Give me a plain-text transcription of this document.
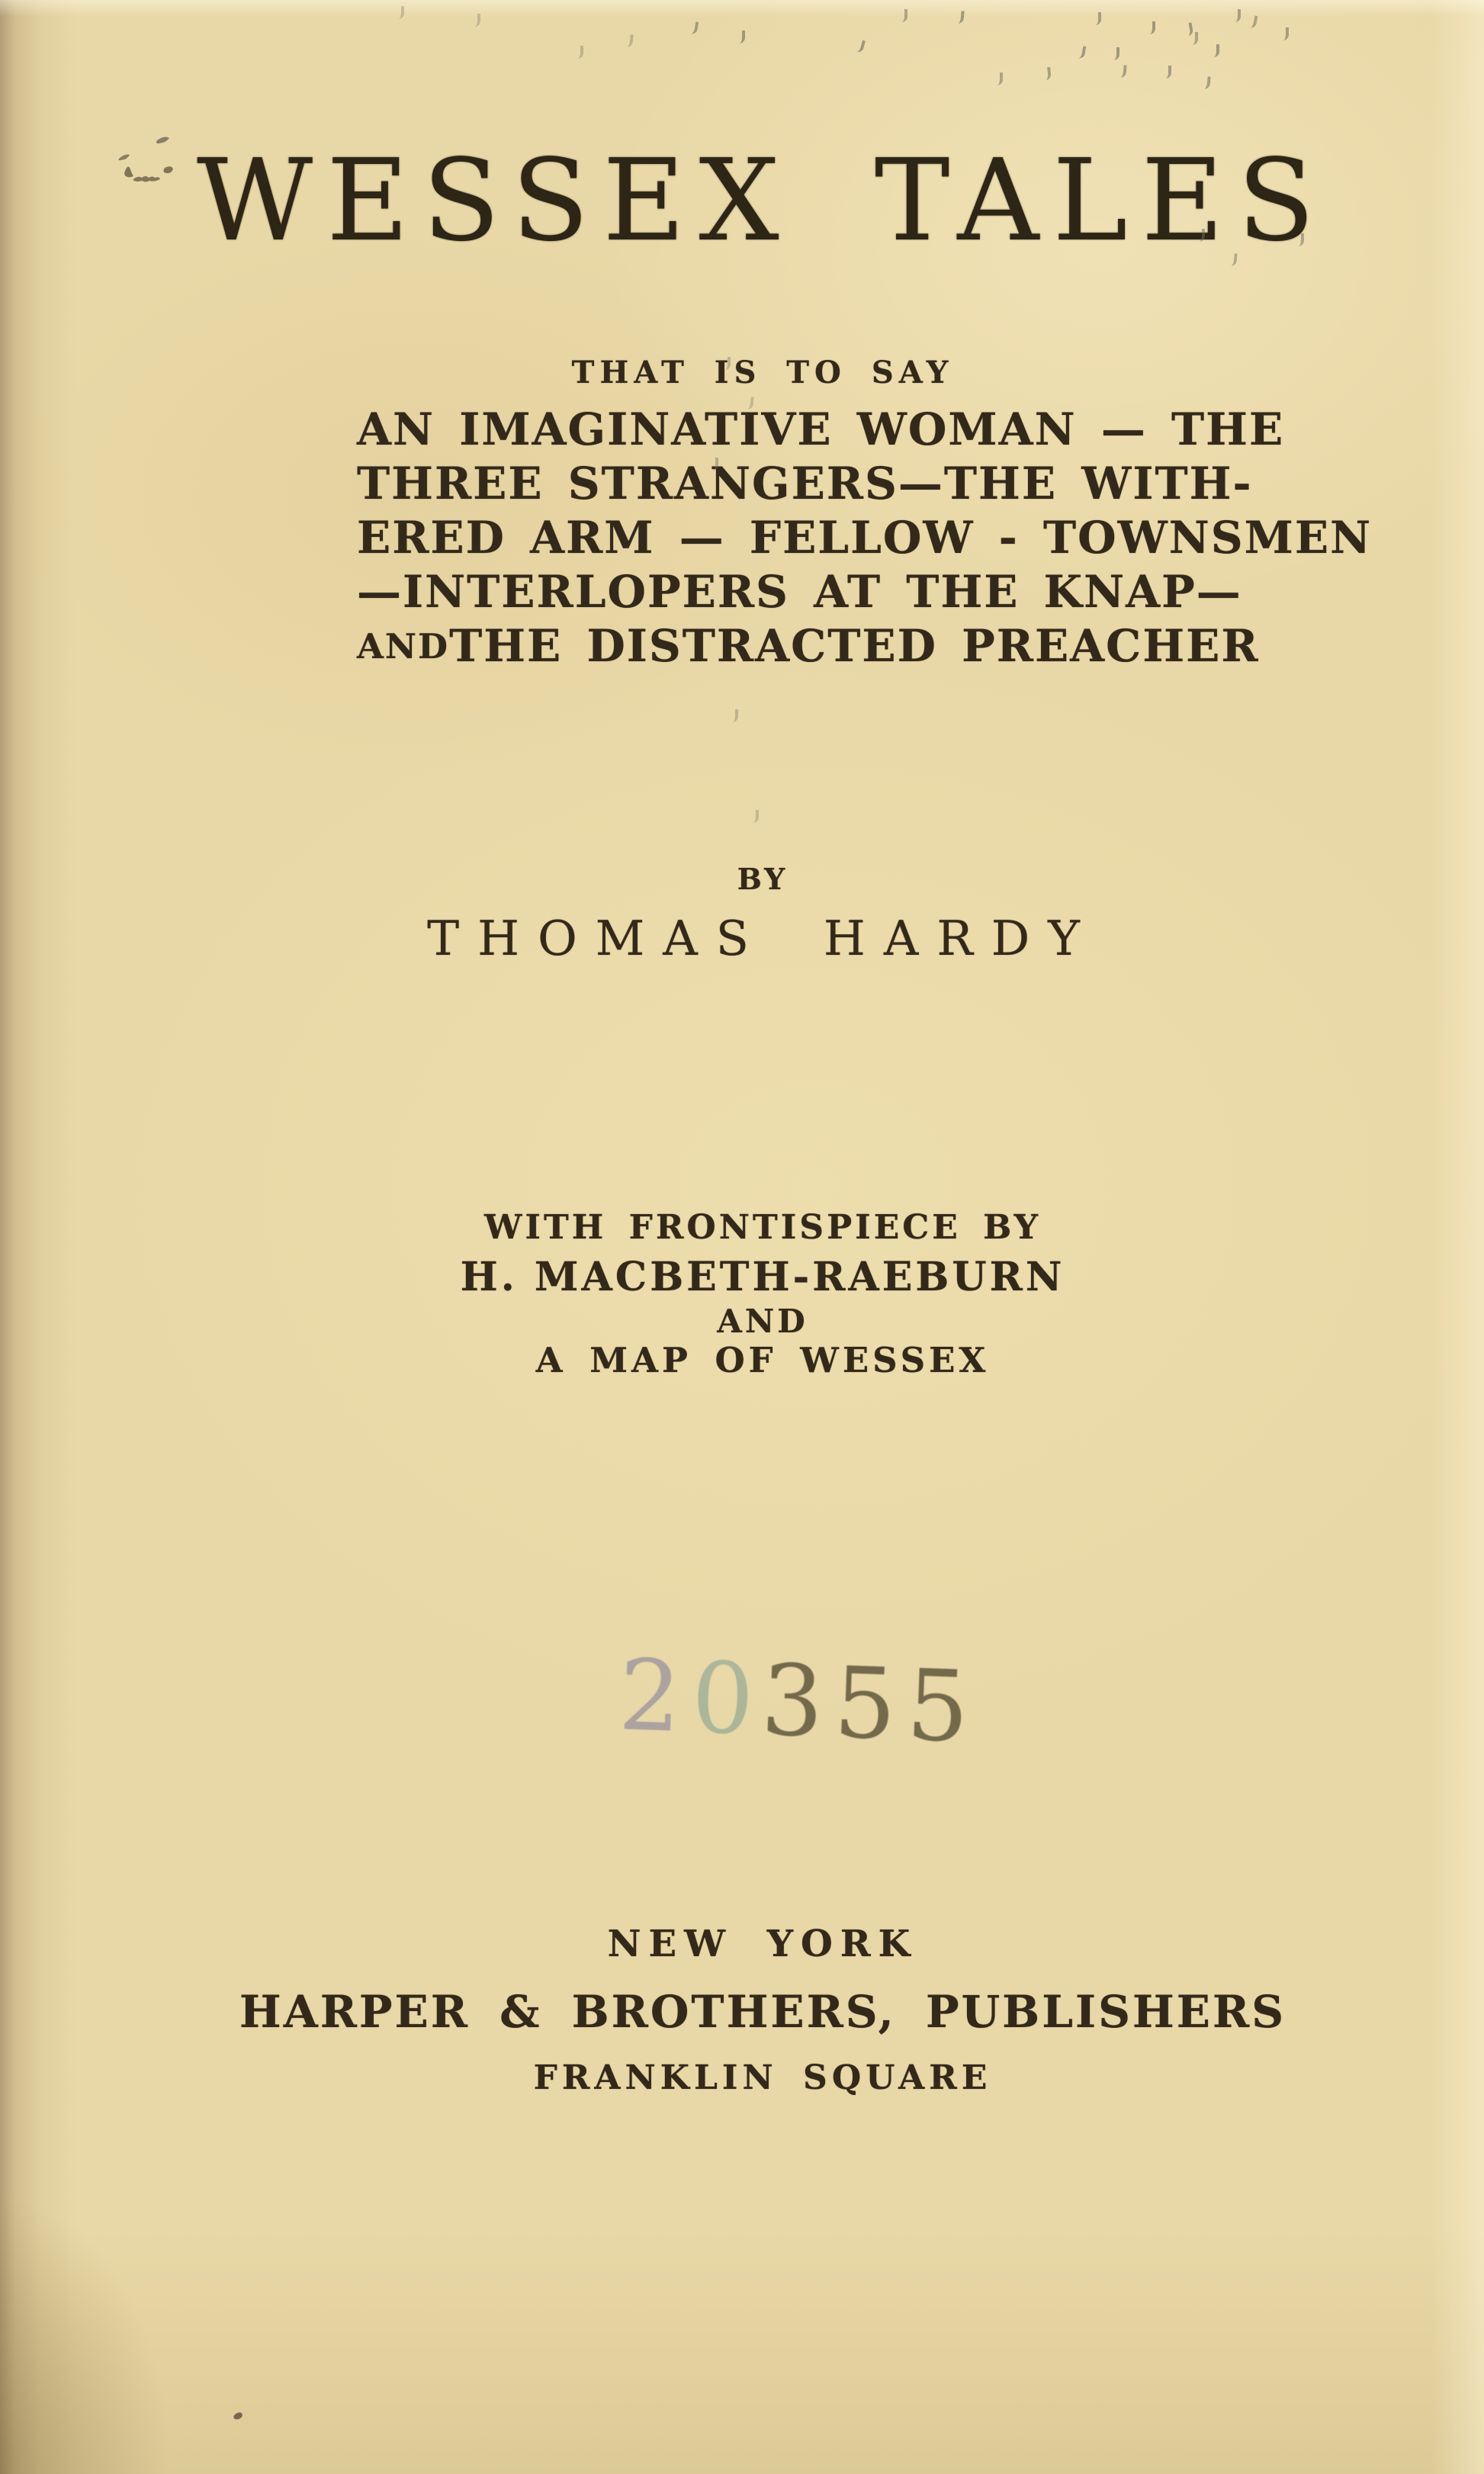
WESSEX TALES
THAT IS TO SAY
AN IMAGINATIVE WOMAN — THE
THREE STRANGERS—THE WITH-
ERED ARM — FELLOW - TOWNSMEN
—INTERLOPERS AT THE KNAP—
AND THE DISTRACTED PREACHER
BY
THOMAS HARDY
WITH FRONTISPIECE BY
H. MACBETH-RAEBURN
AND
A MAP OF WESSEX
20355
NEW YORK
HARPER & BROTHERS, PUBLISHERS
FRANKLIN SQUARE
